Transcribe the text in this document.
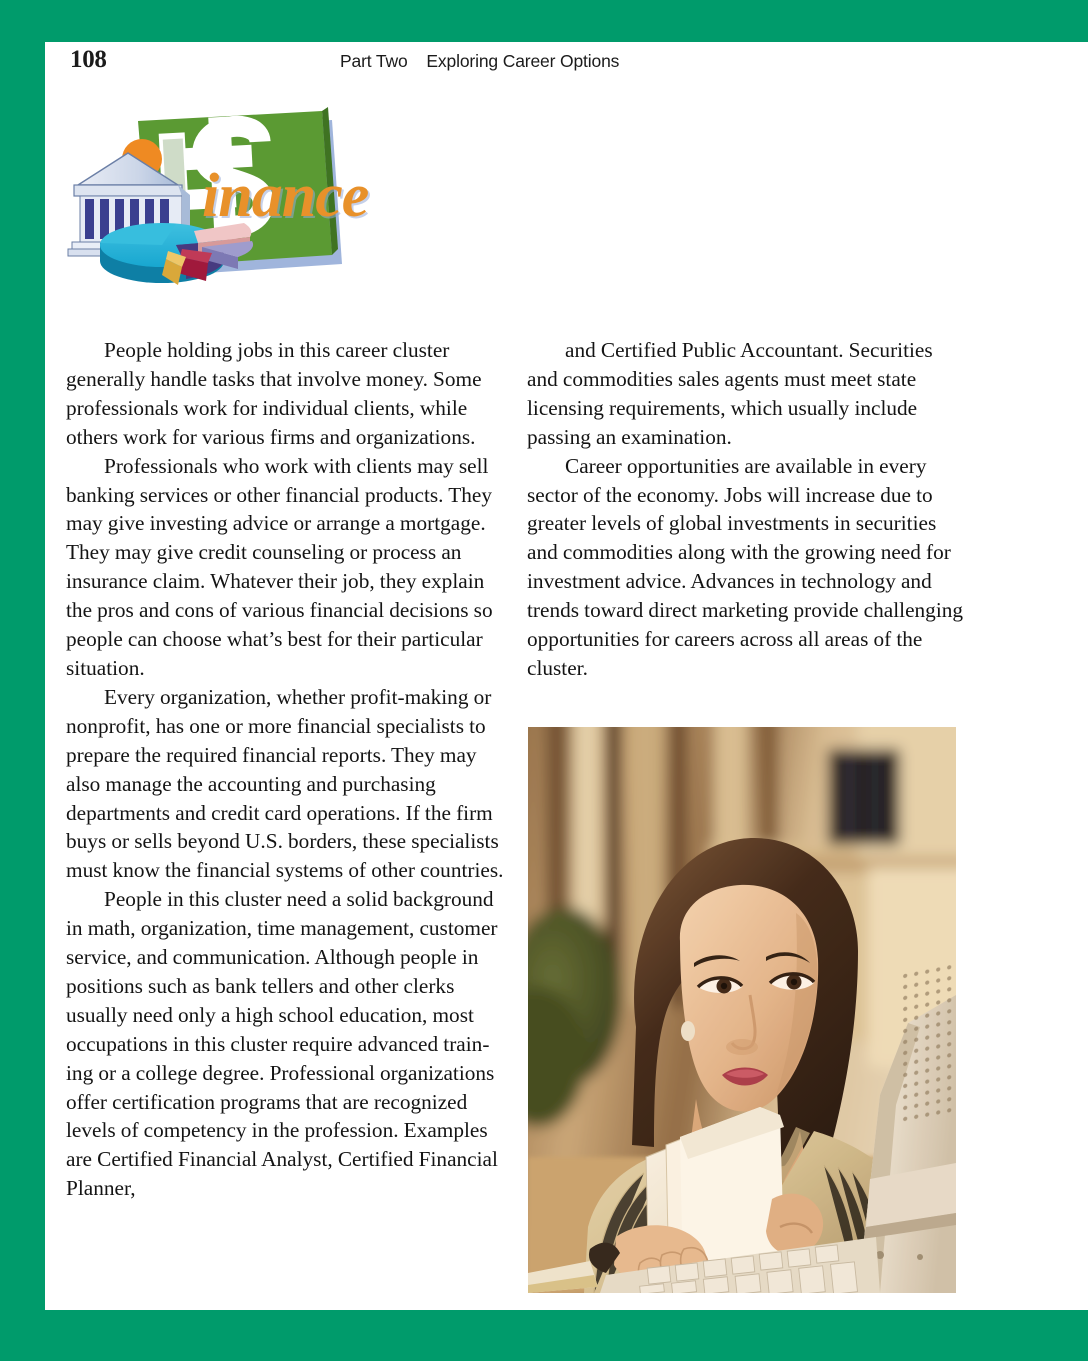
108	Part Two    Exploring Career Options
inance

People holding jobs in this career cluster generally handle tasks that involve money. Some professionals work for individual clients, while others work for various firms and organizations.

Professionals who work with clients may sell banking services or other financial products. They may give investing advice or arrange a mortgage. They may give credit counseling or process an insurance claim. Whatever their job, they explain the pros and cons of various financial decisions so people can choose what’s best for their particular situation.

Every organization, whether profit-making or nonprofit, has one or more financial specialists to prepare the required financial reports. They may also manage the accounting and purchasing departments and credit card operations. If the firm buys or sells beyond U.S. borders, these specialists must know the financial systems of other countries.

People in this cluster need a solid background in math, organization, time management, customer service, and communication. Although people in positions such as bank tellers and other clerks usually need only a high school education, most occupations in this cluster require advanced training or a college degree. Professional organizations offer certification programs that are recognized levels of competency in the profession. Examples are Certified Financial Analyst, Certified Financial Planner,

and Certified Public Accountant. Securities and commodities sales agents must meet state licensing requirements, which usually include passing an examination.

Career opportunities are available in every sector of the economy. Jobs will increase due to greater levels of global investments in securities and commodities along with the growing need for investment advice. Advances in technology and trends toward direct marketing provide challenging opportunities for careers across all areas of the cluster.
